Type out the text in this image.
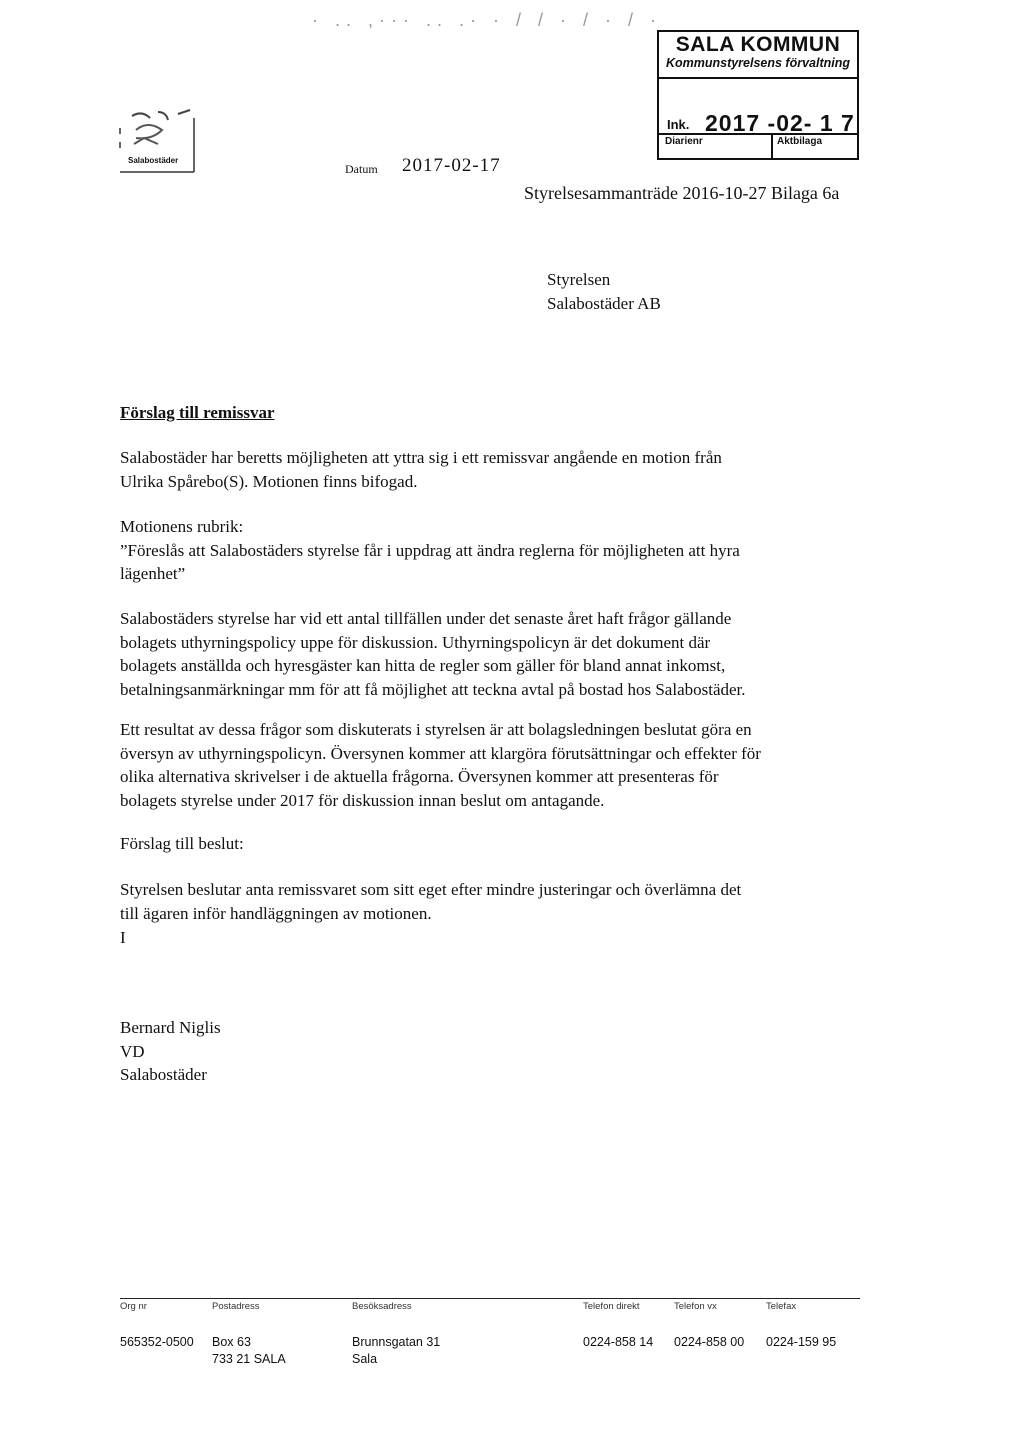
· .. ,··· .. .· · / / · / · / ·
Salabostäder
Datum 2017-02-17
Styrelsesammanträde 2016-10-27 Bilaga 6a
SALA KOMMUN
Kommunstyrelsens förvaltning
Ink. 2017 -02- 1 7
Diarienr	Aktbilaga
Styrelsen
Salabostäder AB
Förslag till remissvar
Salabostäder har beretts möjligheten att yttra sig i ett remissvar angående en motion från
Ulrika Spårebo(S). Motionen finns bifogad.
Motionens rubrik:
”Föreslås att Salabostäders styrelse får i uppdrag att ändra reglerna för möjligheten att hyra
lägenhet”
Salabostäders styrelse har vid ett antal tillfällen under det senaste året haft frågor gällande
bolagets uthyrningspolicy uppe för diskussion. Uthyrningspolicyn är det dokument där
bolagets anställda och hyresgäster kan hitta de regler som gäller för bland annat inkomst,
betalningsanmärkningar mm för att få möjlighet att teckna avtal på bostad hos Salabostäder.
Ett resultat av dessa frågor som diskuterats i styrelsen är att bolagsledningen beslutat göra en
översyn av uthyrningspolicyn. Översynen kommer att klargöra förutsättningar och effekter för
olika alternativa skrivelser i de aktuella frågorna. Översynen kommer att presenteras för
bolagets styrelse under 2017 för diskussion innan beslut om antagande.
Förslag till beslut:
Styrelsen beslutar anta remissvaret som sitt eget efter mindre justeringar och överlämna det
till ägaren inför handläggningen av motionen.
I
Bernard Niglis
VD
Salabostäder
Org nr
565352-0500
Postadress
Box 63
733 21 SALA
Besöksadress
Brunnsgatan 31
Sala
Telefon direkt
0224-858 14
Telefon vx
0224-858 00
Telefax
0224-159 95
